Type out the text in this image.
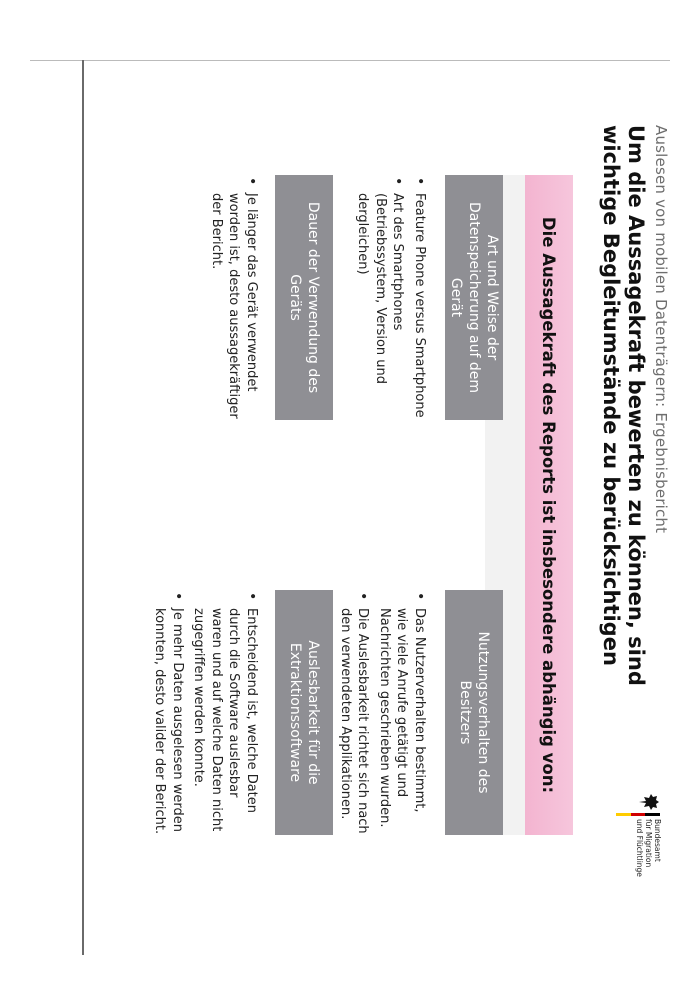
Auslesen von mobilen Datenträgern: Ergebnisbericht
Um die Aussagekraft bewerten zu können, sind wichtige Begleitumstände zu berücksichtigen
Bundesamt
für Migration
und Flüchtlinge
Die Aussagekraft des Reports ist insbesondere abhängig von:
Art und Weise der Datenspeicherung auf dem Gerät
• Feature Phone versus Smartphone
• Art des Smartphones (Betriebssystem, Version und dergleichen)
Nutzungsverhalten des Besitzers
• Das Nutzerverhalten bestimmt, wie viele Anrufe getätigt und Nachrichten geschrieben wurden.
• Die Auslesbarkeit richtet sich nach den verwendeten Applikationen.
Dauer der Verwendung des Geräts
• Je länger das Gerät verwendet worden ist, desto aussagekräftiger der Bericht.
Auslesbarkeit für die Extraktionssoftware
• Entscheidend ist, welche Daten durch die Software auslesbar waren und auf welche Daten nicht zugegriffen werden konnte.
• Je mehr Daten ausgelesen werden konnten, desto valider der Bericht.
